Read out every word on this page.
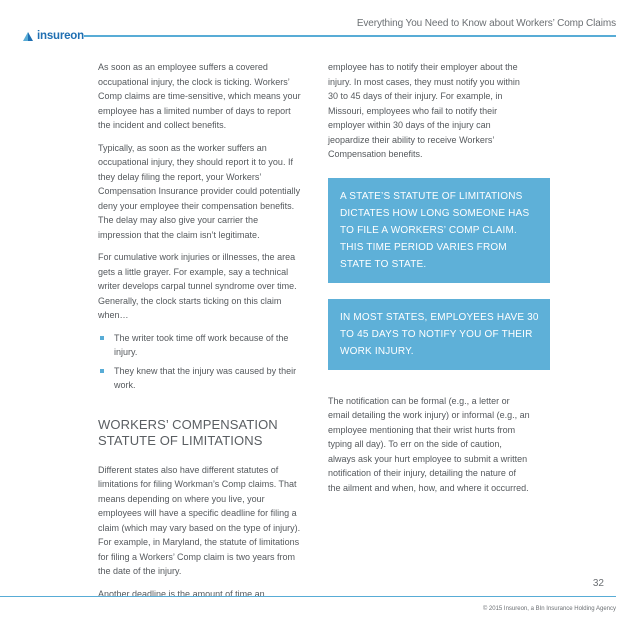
insureon
Everything You Need to Know about Workers’ Comp Claims

As soon as an employee suffers a covered occupational injury, the clock is ticking. Workers’ Comp claims are time-sensitive, which means your employee has a limited number of days to report the incident and collect benefits.

Typically, as soon as the worker suffers an occupational injury, they should report it to you. If they delay filing the report, your Workers’ Compensation Insurance provider could potentially deny your employee their compensation benefits. The delay may also give your carrier the impression that the claim isn’t legitimate.

For cumulative work injuries or illnesses, the area gets a little grayer. For example, say a technical writer develops carpal tunnel syndrome over time. Generally, the clock starts ticking on this claim when…

The writer took time off work because of the injury.
They knew that the injury was caused by their work.
WORKERS’ COMPENSATION STATUTE OF LIMITATIONS

Different states also have different statutes of limitations for filing Workman’s Comp claims. That means depending on where you live, your employees will have a specific deadline for filing a claim (which may vary based on the type of injury). For example, in Maryland, the statute of limitations for filing a Workers’ Comp claim is two years from the date of the injury.

Another deadline is the amount of time an

employee has to notify their employer about the injury. In most cases, they must notify you within 30 to 45 days of their injury. For example, in Missouri, employees who fail to notify their employer within 30 days of the injury can jeopardize their ability to receive Workers’ Compensation benefits.

A STATE’S STATUTE OF LIMITATIONS DICTATES HOW LONG SOMEONE HAS TO FILE A WORKERS’ COMP CLAIM. THIS TIME PERIOD VARIES FROM STATE TO STATE.
IN MOST STATES, EMPLOYEES HAVE 30 TO 45 DAYS TO NOTIFY YOU OF THEIR WORK INJURY.

The notification can be formal (e.g., a letter or email detailing the work injury) or informal (e.g., an employee mentioning that their wrist hurts from typing all day). To err on the side of caution, always ask your hurt employee to submit a written notification of their injury, detailing the nature of the ailment and when, how, and where it occurred.

32
© 2015 Insureon, a BIn Insurance Holding Agency
